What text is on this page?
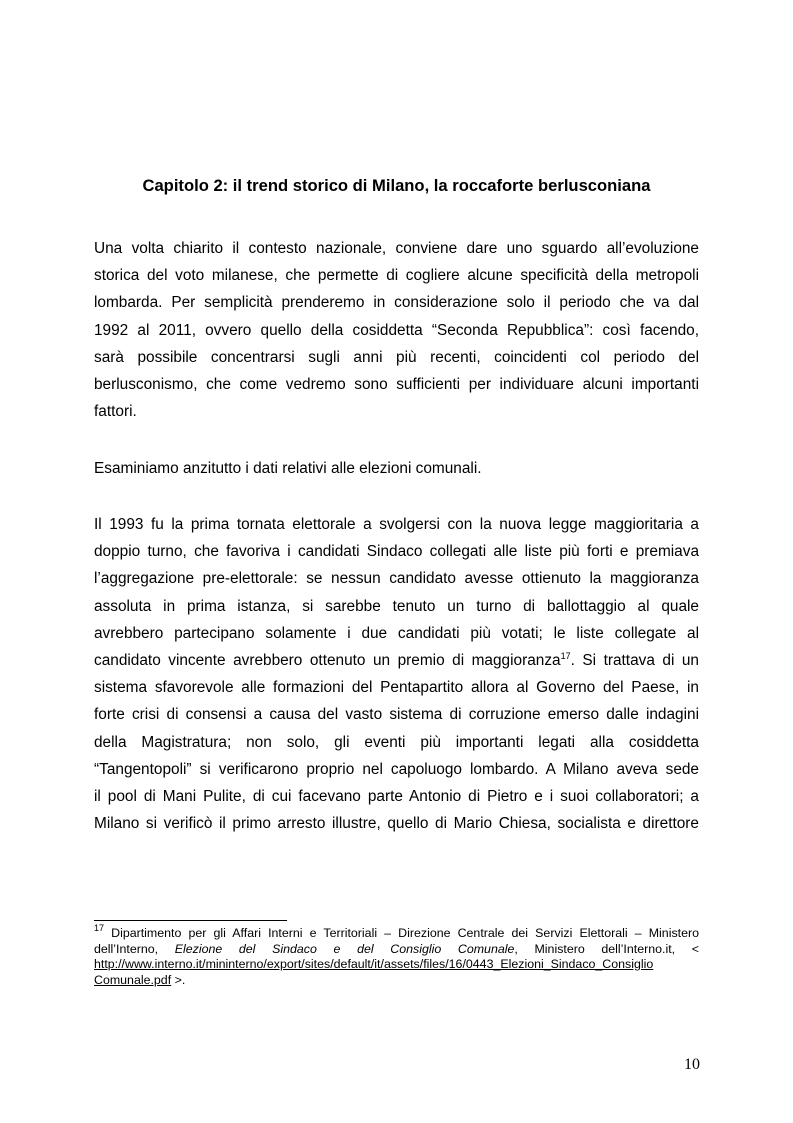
Capitolo 2: il trend storico di Milano, la roccaforte berlusconiana

Una volta chiarito il contesto nazionale, conviene dare uno sguardo all’evoluzione
storica del voto milanese, che permette di cogliere alcune specificità della metropoli
lombarda. Per semplicità prenderemo in considerazione solo il periodo che va dal
1992 al 2011, ovvero quello della cosiddetta “Seconda Repubblica”: così facendo,
sarà possibile concentrarsi sugli anni più recenti, coincidenti col periodo del
berlusconismo, che come vedremo sono sufficienti per individuare alcuni importanti
fattori.

Esaminiamo anzitutto i dati relativi alle elezioni comunali.

Il 1993 fu la prima tornata elettorale a svolgersi con la nuova legge maggioritaria a
doppio turno, che favoriva i candidati Sindaco collegati alle liste più forti e premiava
l’aggregazione pre-elettorale: se nessun candidato avesse ottienuto la maggioranza
assoluta in prima istanza, si sarebbe tenuto un turno di ballottaggio al quale
avrebbero partecipano solamente i due candidati più votati; le liste collegate al
candidato vincente avrebbero ottenuto un premio di maggioranza$^{17}$. Si trattava di un
sistema sfavorevole alle formazioni del Pentapartito allora al Governo del Paese, in
forte crisi di consensi a causa del vasto sistema di corruzione emerso dalle indagini
della Magistratura; non solo, gli eventi più importanti legati alla cosiddetta
“Tangentopoli” si verificarono proprio nel capoluogo lombardo. A Milano aveva sede
il pool di Mani Pulite, di cui facevano parte Antonio di Pietro e i suoi collaboratori; a
Milano si verificò il primo arresto illustre, quello di Mario Chiesa, socialista e direttore

$^{17}$ Dipartimento per gli Affari Interni e Territoriali – Direzione Centrale dei Servizi Elettorali – Ministero
dell’Interno, Elezione del Sindaco e del Consiglio Comunale, Ministero dell’Interno.it, <
http://www.interno.it/mininterno/export/sites/default/it/assets/files/16/0443_Elezioni_Sindaco_Consiglio
Comunale.pdf >.
10
